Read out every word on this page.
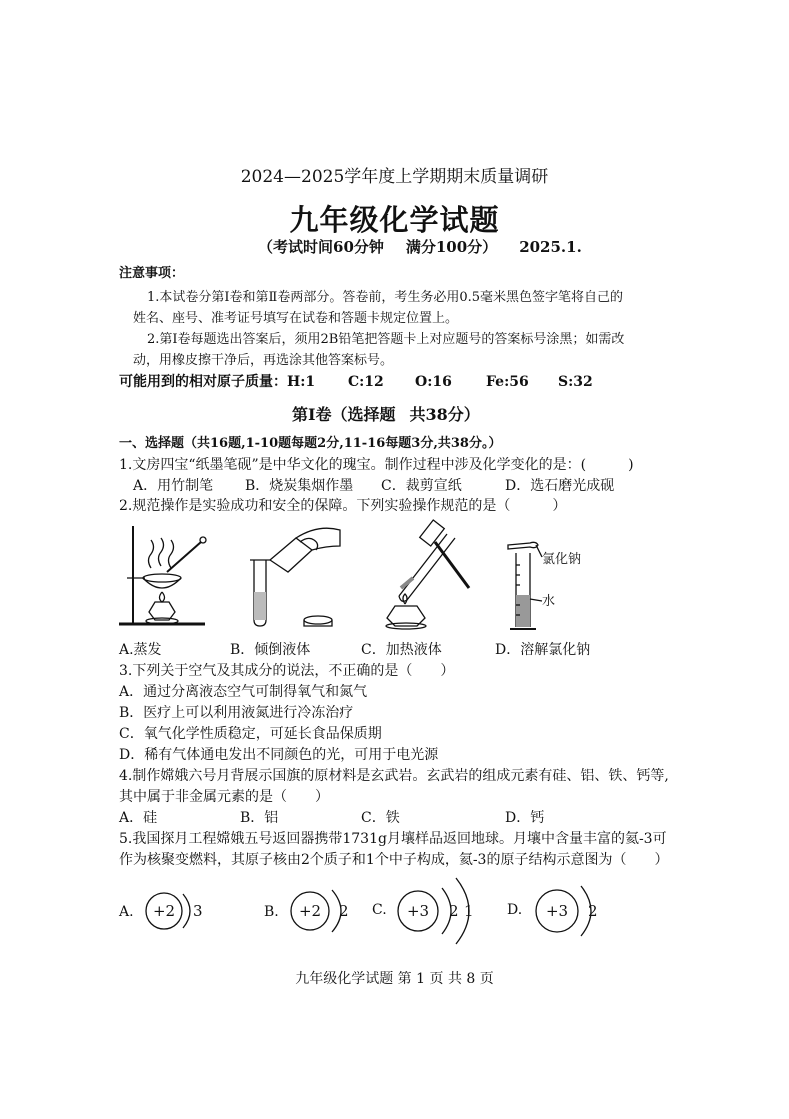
2024—2025学年度上学期期末质量调研
九年级化学试题
（考试时间60分钟 满分100分） 2025.1.
注意事项：
1.本试卷分第Ⅰ卷和第Ⅱ卷两部分。答卷前，考生务必用0.5毫米黑色签字笔将自己的
姓名、座号、准考证号填写在试卷和答题卡规定位置上。
2.第Ⅰ卷每题选出答案后，须用2B铅笔把答题卡上对应题号的答案标号涂黑；如需改
动，用橡皮擦干净后，再选涂其他答案标号。
可能用到的相对原子质量： H:1 C:12 O:16 Fe:56 S:32
第Ⅰ卷（选择题 共38分）
一、选择题（共16题,1-10题每题2分,11-16每题3分,共38分。）
1.文房四宝“纸墨笔砚”是中华文化的瑰宝。制作过程中涉及化学变化的是：(　　　)
A．用竹制笔 B．烧炭集烟作墨 C．裁剪宣纸	D．选石磨光成砚
2.规范操作是实验成功和安全的保障。下列实验操作规范的是（　　　）
氯化钠
水
A.蒸发	B．倾倒液体	C．加热液体	D．溶解氯化钠
3.下列关于空气及其成分的说法，不正确的是（　　）
A．通过分离液态空气可制得氧气和氮气
B．医疗上可以利用液氮进行冷冻治疗
C．氧气化学性质稳定，可延长食品保质期
D．稀有气体通电发出不同颜色的光，可用于电光源
4.制作嫦娥六号月背展示国旗的原材料是玄武岩。玄武岩的组成元素有硅、铝、铁、钙等,
其中属于非金属元素的是（　　）
A．硅	B．铝	C．铁	D．钙
5.我国探月工程嫦娥五号返回器携带1731g月壤样品返回地球。月壤中含量丰富的氦-3可
作为核聚变燃料，其原子核由2个质子和1个中子构成，氦-3的原子结构示意图为（　　）
A. +2 3	B. +2 2 C. +3 2 1 D. +3 2
九年级化学试题 第 1 页 共 8 页
